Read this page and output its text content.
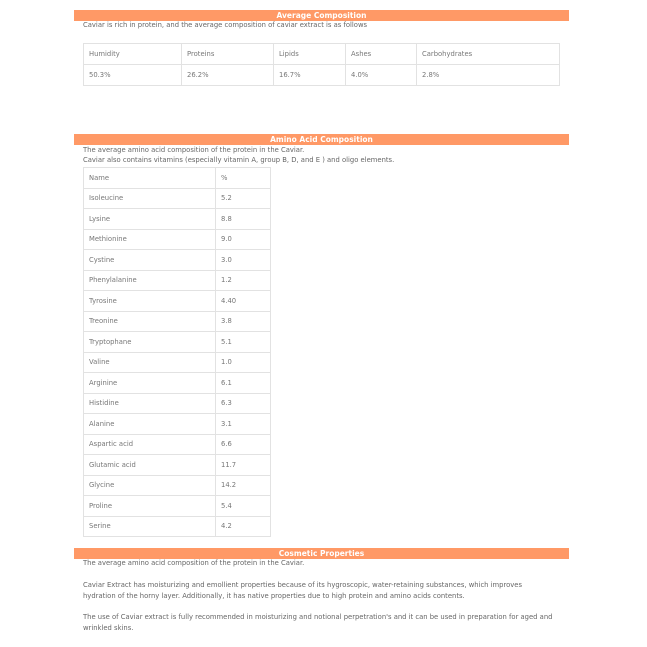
Average Composition
Caviar is rich in protein, and the average composition of caviar extract is as follows
Humidity	Proteins	Lipids	Ashes	Carbohydrates
50.3%	26.2%	16.7%	4.0%	2.8%
Amino Acid Composition
The average amino acid composition of the protein in the Caviar.
Caviar also contains vitamins (especially vitamin A, group B, D, and E ) and oligo elements.
Name	%
Isoleucine	5.2
Lysine	8.8
Methionine	9.0
Cystine	3.0
Phenylalanine	1.2
Tyrosine	4.40
Treonine	3.8
Tryptophane	5.1
Valine	1.0
Arginine	6.1
Histidine	6.3
Alanine	3.1
Aspartic acid	6.6
Glutamic acid	11.7
Glycine	14.2
Proline	5.4
Serine	4.2
Cosmetic Properties
The average amino acid composition of the protein in the Caviar.
Caviar Extract has moisturizing and emollient properties because of its hygroscopic, water-retaining substances, which improves hydration of the horny layer. Additionally, it has native properties due to high protein and amino acids contents.
The use of Caviar extract is fully recommended in moisturizing and notional perpetration's and it can be used in preparation for aged and wrinkled skins.
